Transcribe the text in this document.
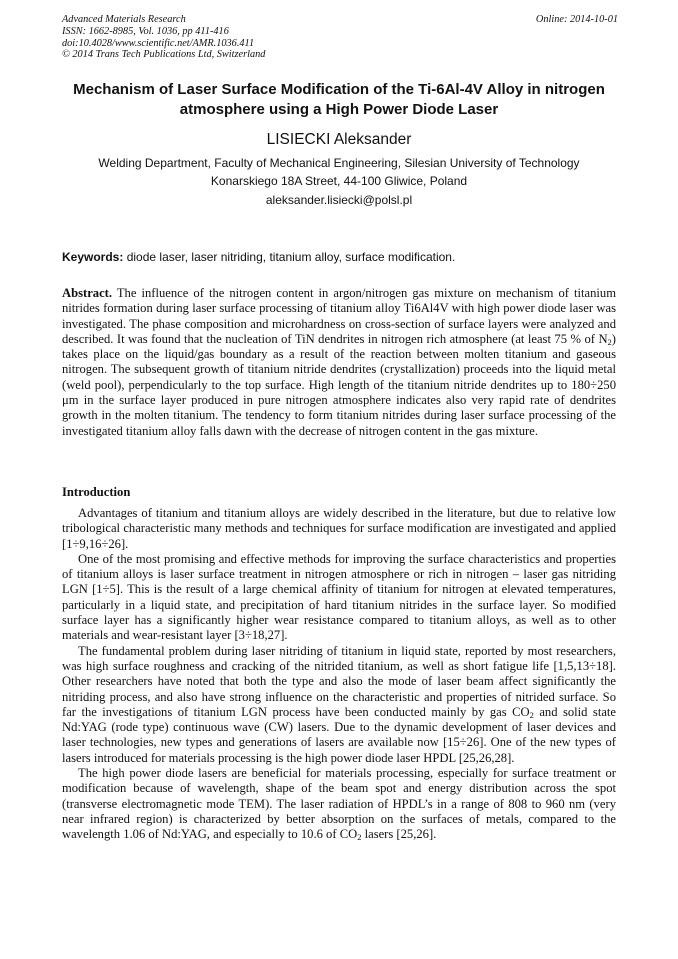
Advanced Materials Research
ISSN: 1662-8985, Vol. 1036, pp 411-416
doi:10.4028/www.scientific.net/AMR.1036.411
© 2014 Trans Tech Publications Ltd, Switzerland
Online: 2014-10-01
Mechanism of Laser Surface Modification of the Ti-6Al-4V Alloy in nitrogen atmosphere using a High Power Diode Laser
LISIECKI Aleksander
Welding Department, Faculty of Mechanical Engineering, Silesian University of Technology
Konarskiego 18A Street, 44-100 Gliwice, Poland
aleksander.lisiecki@polsl.pl
Keywords: diode laser, laser nitriding, titanium alloy, surface modification.

Abstract. The influence of the nitrogen content in argon/nitrogen gas mixture on mechanism of titanium nitrides formation during laser surface processing of titanium alloy Ti6Al4V with high power diode laser was investigated. The phase composition and microhardness on cross-section of surface layers were analyzed and described. It was found that the nucleation of TiN dendrites in nitrogen rich atmosphere (at least 75 % of $N_2$) takes place on the liquid/gas boundary as a result of the reaction between molten titanium and gaseous nitrogen. The subsequent growth of titanium nitride dendrites (crystallization) proceeds into the liquid metal (weld pool), perpendicularly to the top surface. High length of the titanium nitride dendrites up to 180÷250 μm in the surface layer produced in pure nitrogen atmosphere indicates also very rapid rate of dendrites growth in the molten titanium. The tendency to form titanium nitrides during laser surface processing of the investigated titanium alloy falls dawn with the decrease of nitrogen content in the gas mixture.

Introduction

Advantages of titanium and titanium alloys are widely described in the literature, but due to relative low tribological characteristic many methods and techniques for surface modification are investigated and applied [1÷9,16÷26].

One of the most promising and effective methods for improving the surface characteristics and properties of titanium alloys is laser surface treatment in nitrogen atmosphere or rich in nitrogen – laser gas nitriding LGN [1÷5]. This is the result of a large chemical affinity of titanium for nitrogen at elevated temperatures, particularly in a liquid state, and precipitation of hard titanium nitrides in the surface layer. So modified surface layer has a significantly higher wear resistance compared to titanium alloys, as well as to other materials and wear-resistant layer [3÷18,27].

The fundamental problem during laser nitriding of titanium in liquid state, reported by most researchers, was high surface roughness and cracking of the nitrided titanium, as well as short fatigue life [1,5,13÷18]. Other researchers have noted that both the type and also the mode of laser beam affect significantly the nitriding process, and also have strong influence on the characteristic and properties of nitrided surface. So far the investigations of titanium LGN process have been conducted mainly by gas $CO_2$ and solid state Nd:YAG (rode type) continuous wave (CW) lasers. Due to the dynamic development of laser devices and laser technologies, new types and generations of lasers are available now [15÷26]. One of the new types of lasers introduced for materials processing is the high power diode laser HPDL [25,26,28].

The high power diode lasers are beneficial for materials processing, especially for surface treatment or modification because of wavelength, shape of the beam spot and energy distribution across the spot (transverse electromagnetic mode TEM). The laser radiation of HPDL’s in a range of 808 to 960 nm (very near infrared region) is characterized by better absorption on the surfaces of metals, compared to the wavelength 1.06 of Nd:YAG, and especially to 10.6 of $CO_2$ lasers [25,26].
